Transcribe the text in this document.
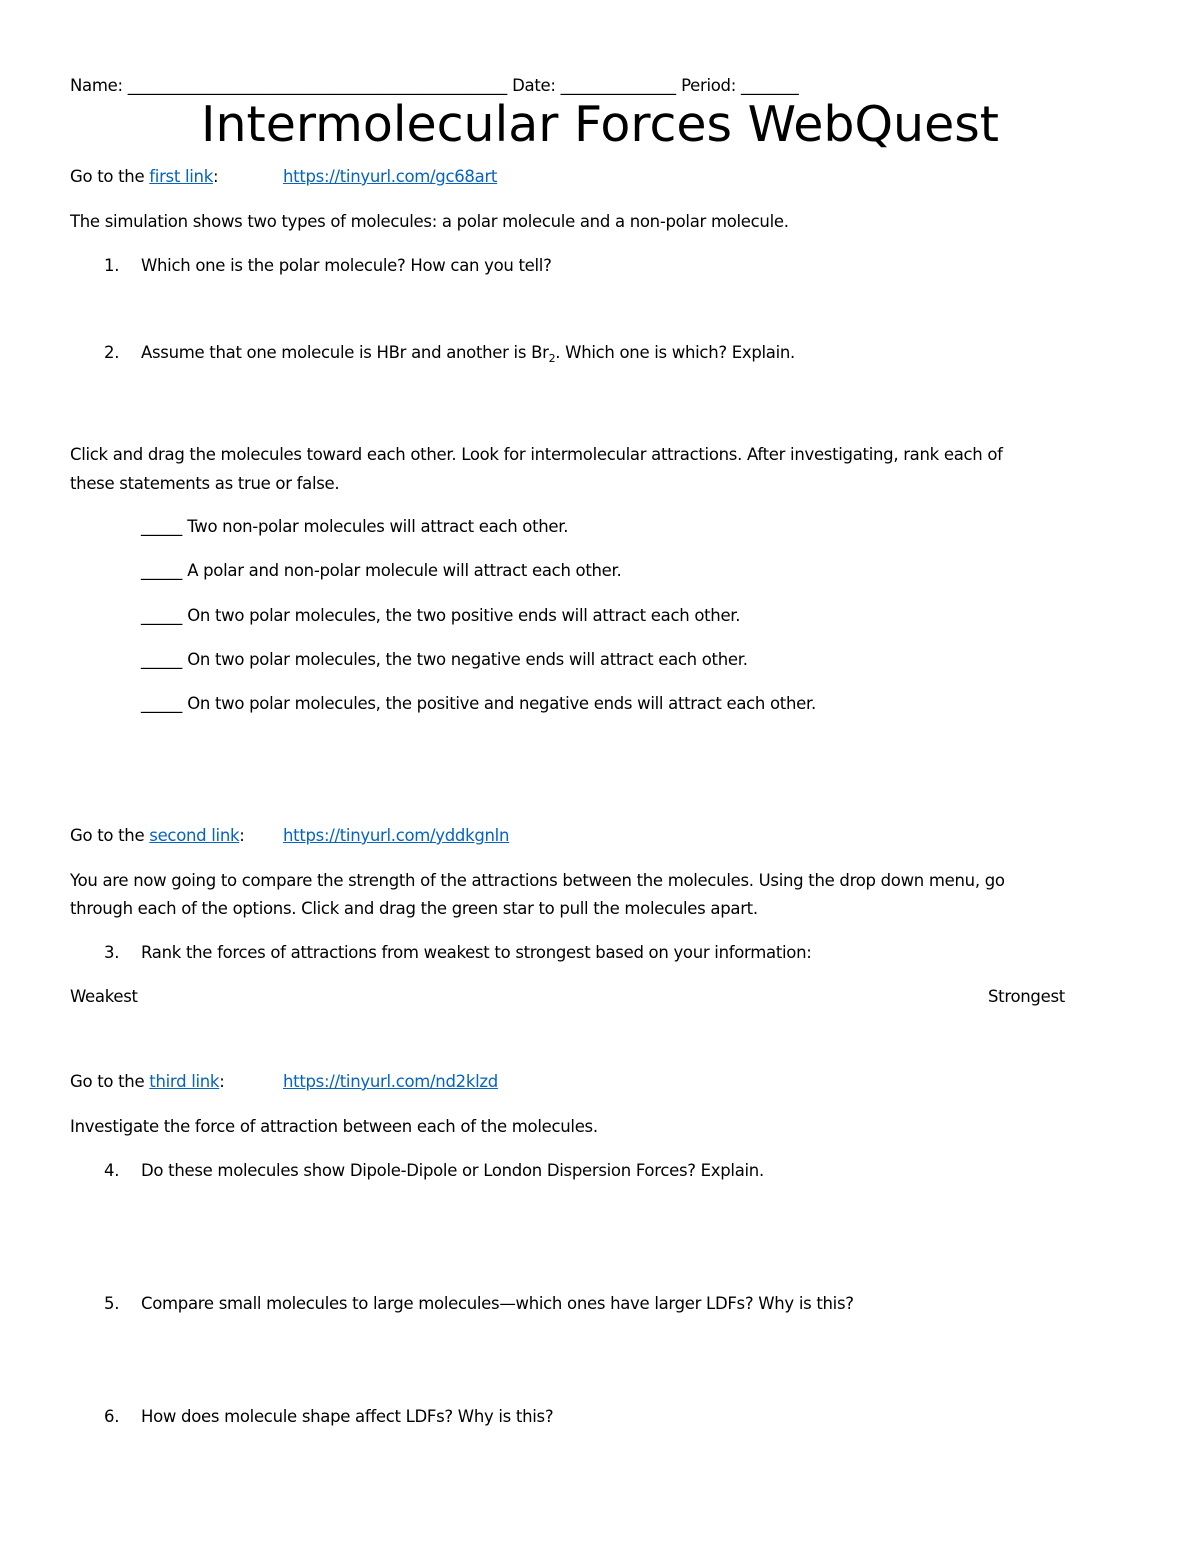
Name: ______________________________________________ Date: ______________ Period: _______
Intermolecular Forces WebQuest
Go to the first link:	https://tinyurl.com/gc68art
The simulation shows two types of molecules: a polar molecule and a non-polar molecule.
1. Which one is the polar molecule? How can you tell?
2. Assume that one molecule is HBr and another is $Br_2$. Which one is which? Explain.
Click and drag the molecules toward each other. Look for intermolecular attractions. After investigating, rank each of
these statements as true or false.
_____ Two non-polar molecules will attract each other.
_____ A polar and non-polar molecule will attract each other.
_____ On two polar molecules, the two positive ends will attract each other.
_____ On two polar molecules, the two negative ends will attract each other.
_____ On two polar molecules, the positive and negative ends will attract each other.
Go to the second link: https://tinyurl.com/yddkgnln
You are now going to compare the strength of the attractions between the molecules. Using the drop down menu, go
through each of the options. Click and drag the green star to pull the molecules apart.
3. Rank the forces of attractions from weakest to strongest based on your information:
Weakest	Strongest
Go to the third link:	https://tinyurl.com/nd2klzd
Investigate the force of attraction between each of the molecules.
4. Do these molecules show Dipole-Dipole or London Dispersion Forces? Explain.
5. Compare small molecules to large molecules—which ones have larger LDFs? Why is this?
6. How does molecule shape affect LDFs? Why is this?
